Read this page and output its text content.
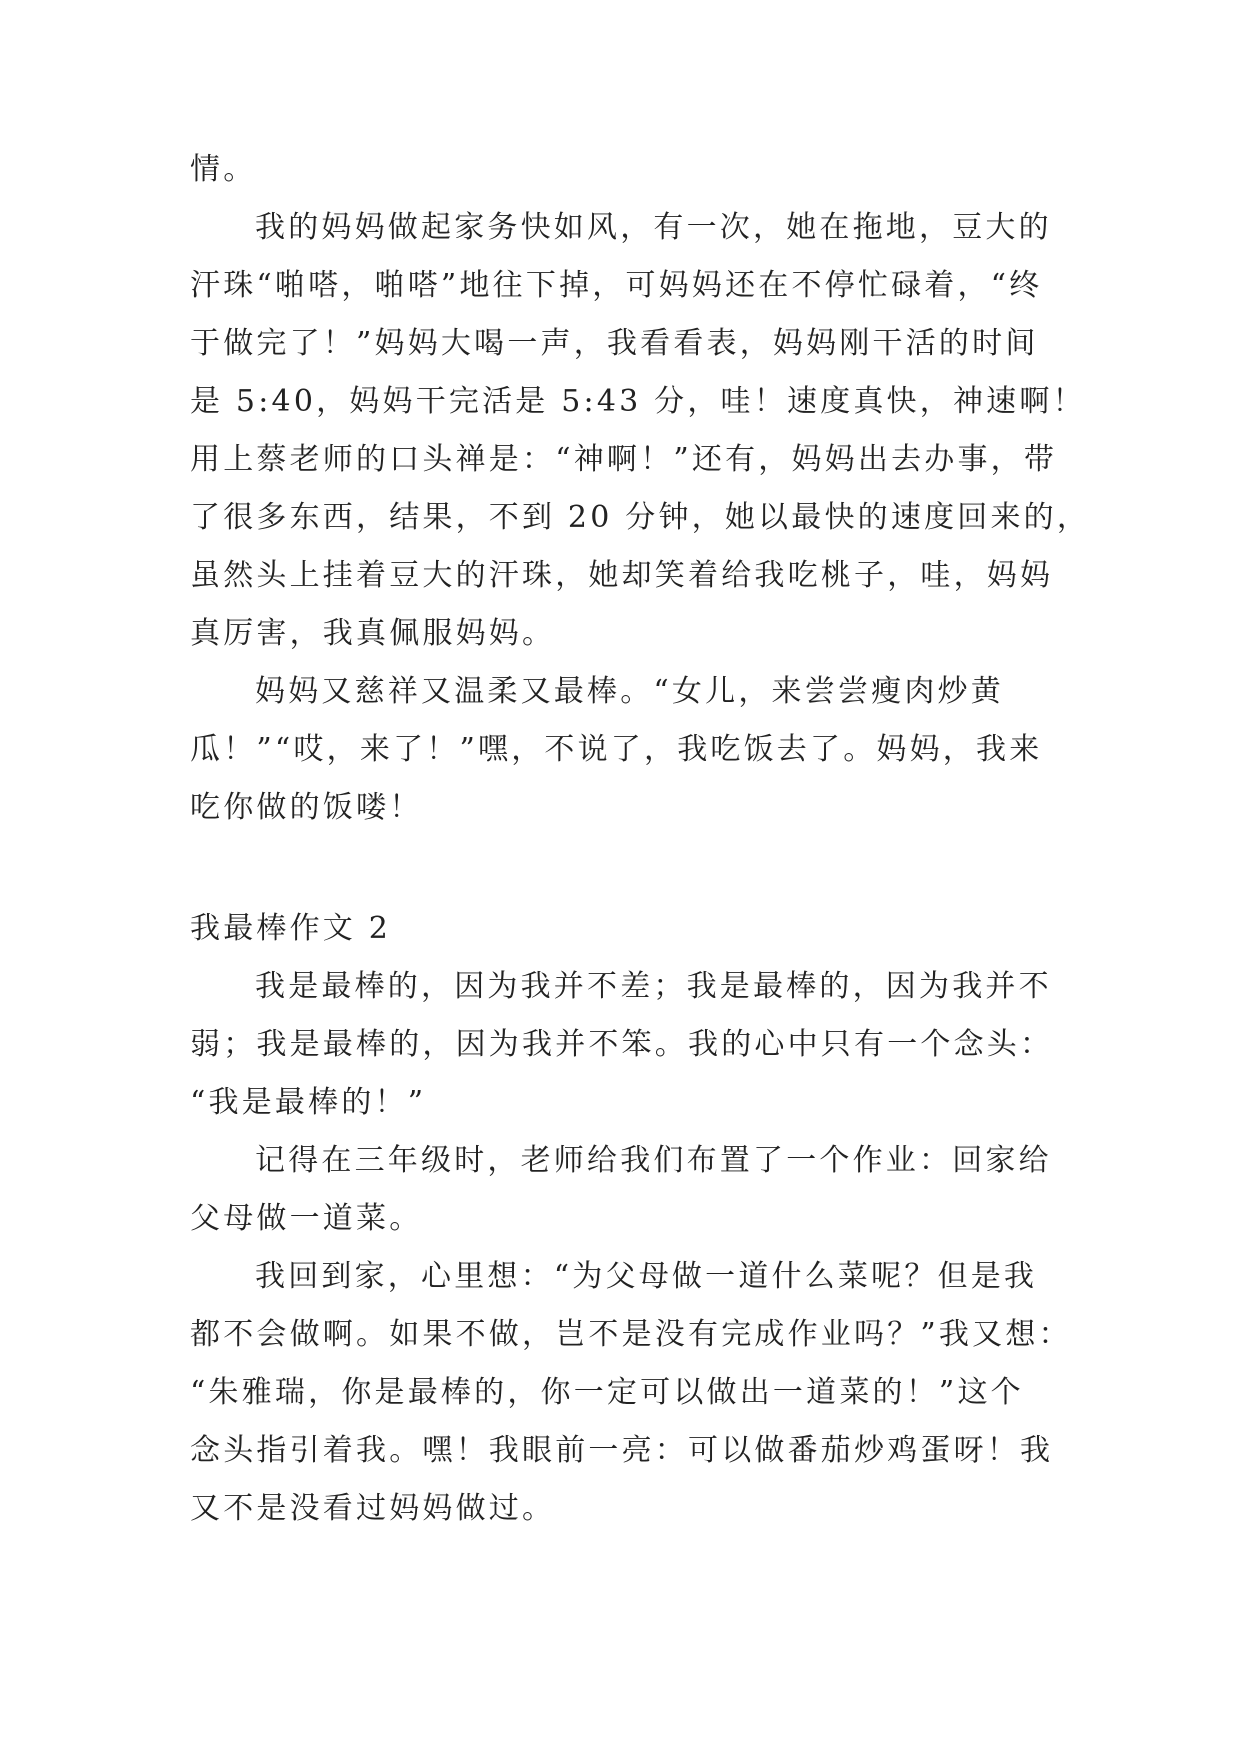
情。
我的妈妈做起家务快如风，有一次，她在拖地，豆大的
汗珠“啪嗒，啪嗒”地往下掉，可妈妈还在不停忙碌着，“终
于做完了！”妈妈大喝一声，我看看表，妈妈刚干活的时间
是 5:40，妈妈干完活是 5:43 分，哇！速度真快，神速啊！
用上蔡老师的口头禅是：“神啊！”还有，妈妈出去办事，带
了很多东西，结果，不到 20 分钟，她以最快的速度回来的，
虽然头上挂着豆大的汗珠，她却笑着给我吃桃子，哇，妈妈
真厉害，我真佩服妈妈。
妈妈又慈祥又温柔又最棒。“女儿，来尝尝瘦肉炒黄
瓜！”“哎，来了！”嘿，不说了，我吃饭去了。妈妈，我来
吃你做的饭喽！
我最棒作文 2
我是最棒的，因为我并不差；我是最棒的，因为我并不
弱；我是最棒的，因为我并不笨。我的心中只有一个念头：
“我是最棒的！”
记得在三年级时，老师给我们布置了一个作业：回家给
父母做一道菜。
我回到家，心里想：“为父母做一道什么菜呢？但是我
都不会做啊。如果不做，岂不是没有完成作业吗？”我又想：
“朱雅瑞，你是最棒的，你一定可以做出一道菜的！”这个
念头指引着我。嘿！我眼前一亮：可以做番茄炒鸡蛋呀！我
又不是没看过妈妈做过。
